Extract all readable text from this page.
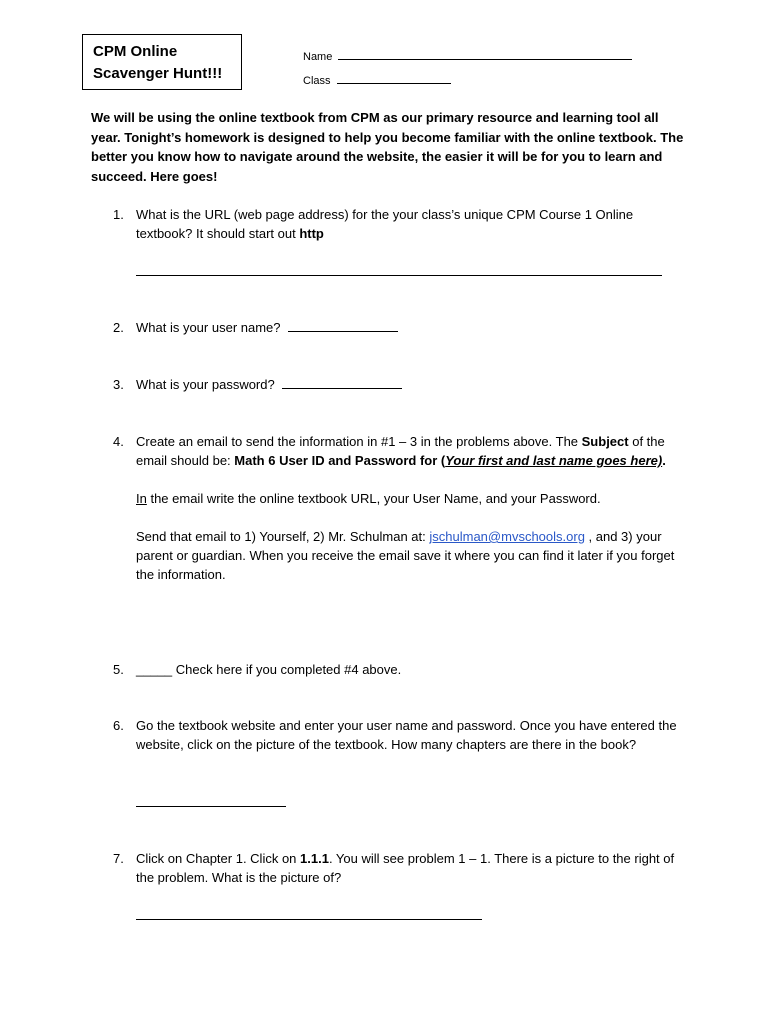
CPM Online
Scavenger Hunt!!!
Name
Class
We will be using the online textbook from CPM as our primary resource and learning tool all year. Tonight’s homework is designed to help you become familiar with the online textbook. The better you know how to navigate around the website, the easier it will be for you to learn and succeed. Here goes!
1. What is the URL (web page address) for the your class’s unique CPM Course 1 Online textbook? It should start out http
2. What is your user name?
3. What is your password?
4. Create an email to send the information in #1 – 3 in the problems above. The Subject of the email should be: Math 6 User ID and Password for (Your first and last name goes here).

In the email write the online textbook URL, your User Name, and your Password.

Send that email to 1) Yourself, 2) Mr. Schulman at: jschulman@mvschools.org , and 3) your parent or guardian. When you receive the email save it where you can find it later if you forget the information.

5. _____ Check here if you completed #4 above.
6. Go the textbook website and enter your user name and password. Once you have entered the website, click on the picture of the textbook. How many chapters are there in the book?
7. Click on Chapter 1. Click on 1.1.1. You will see problem 1 – 1. There is a picture to the right of the problem. What is the picture of?
